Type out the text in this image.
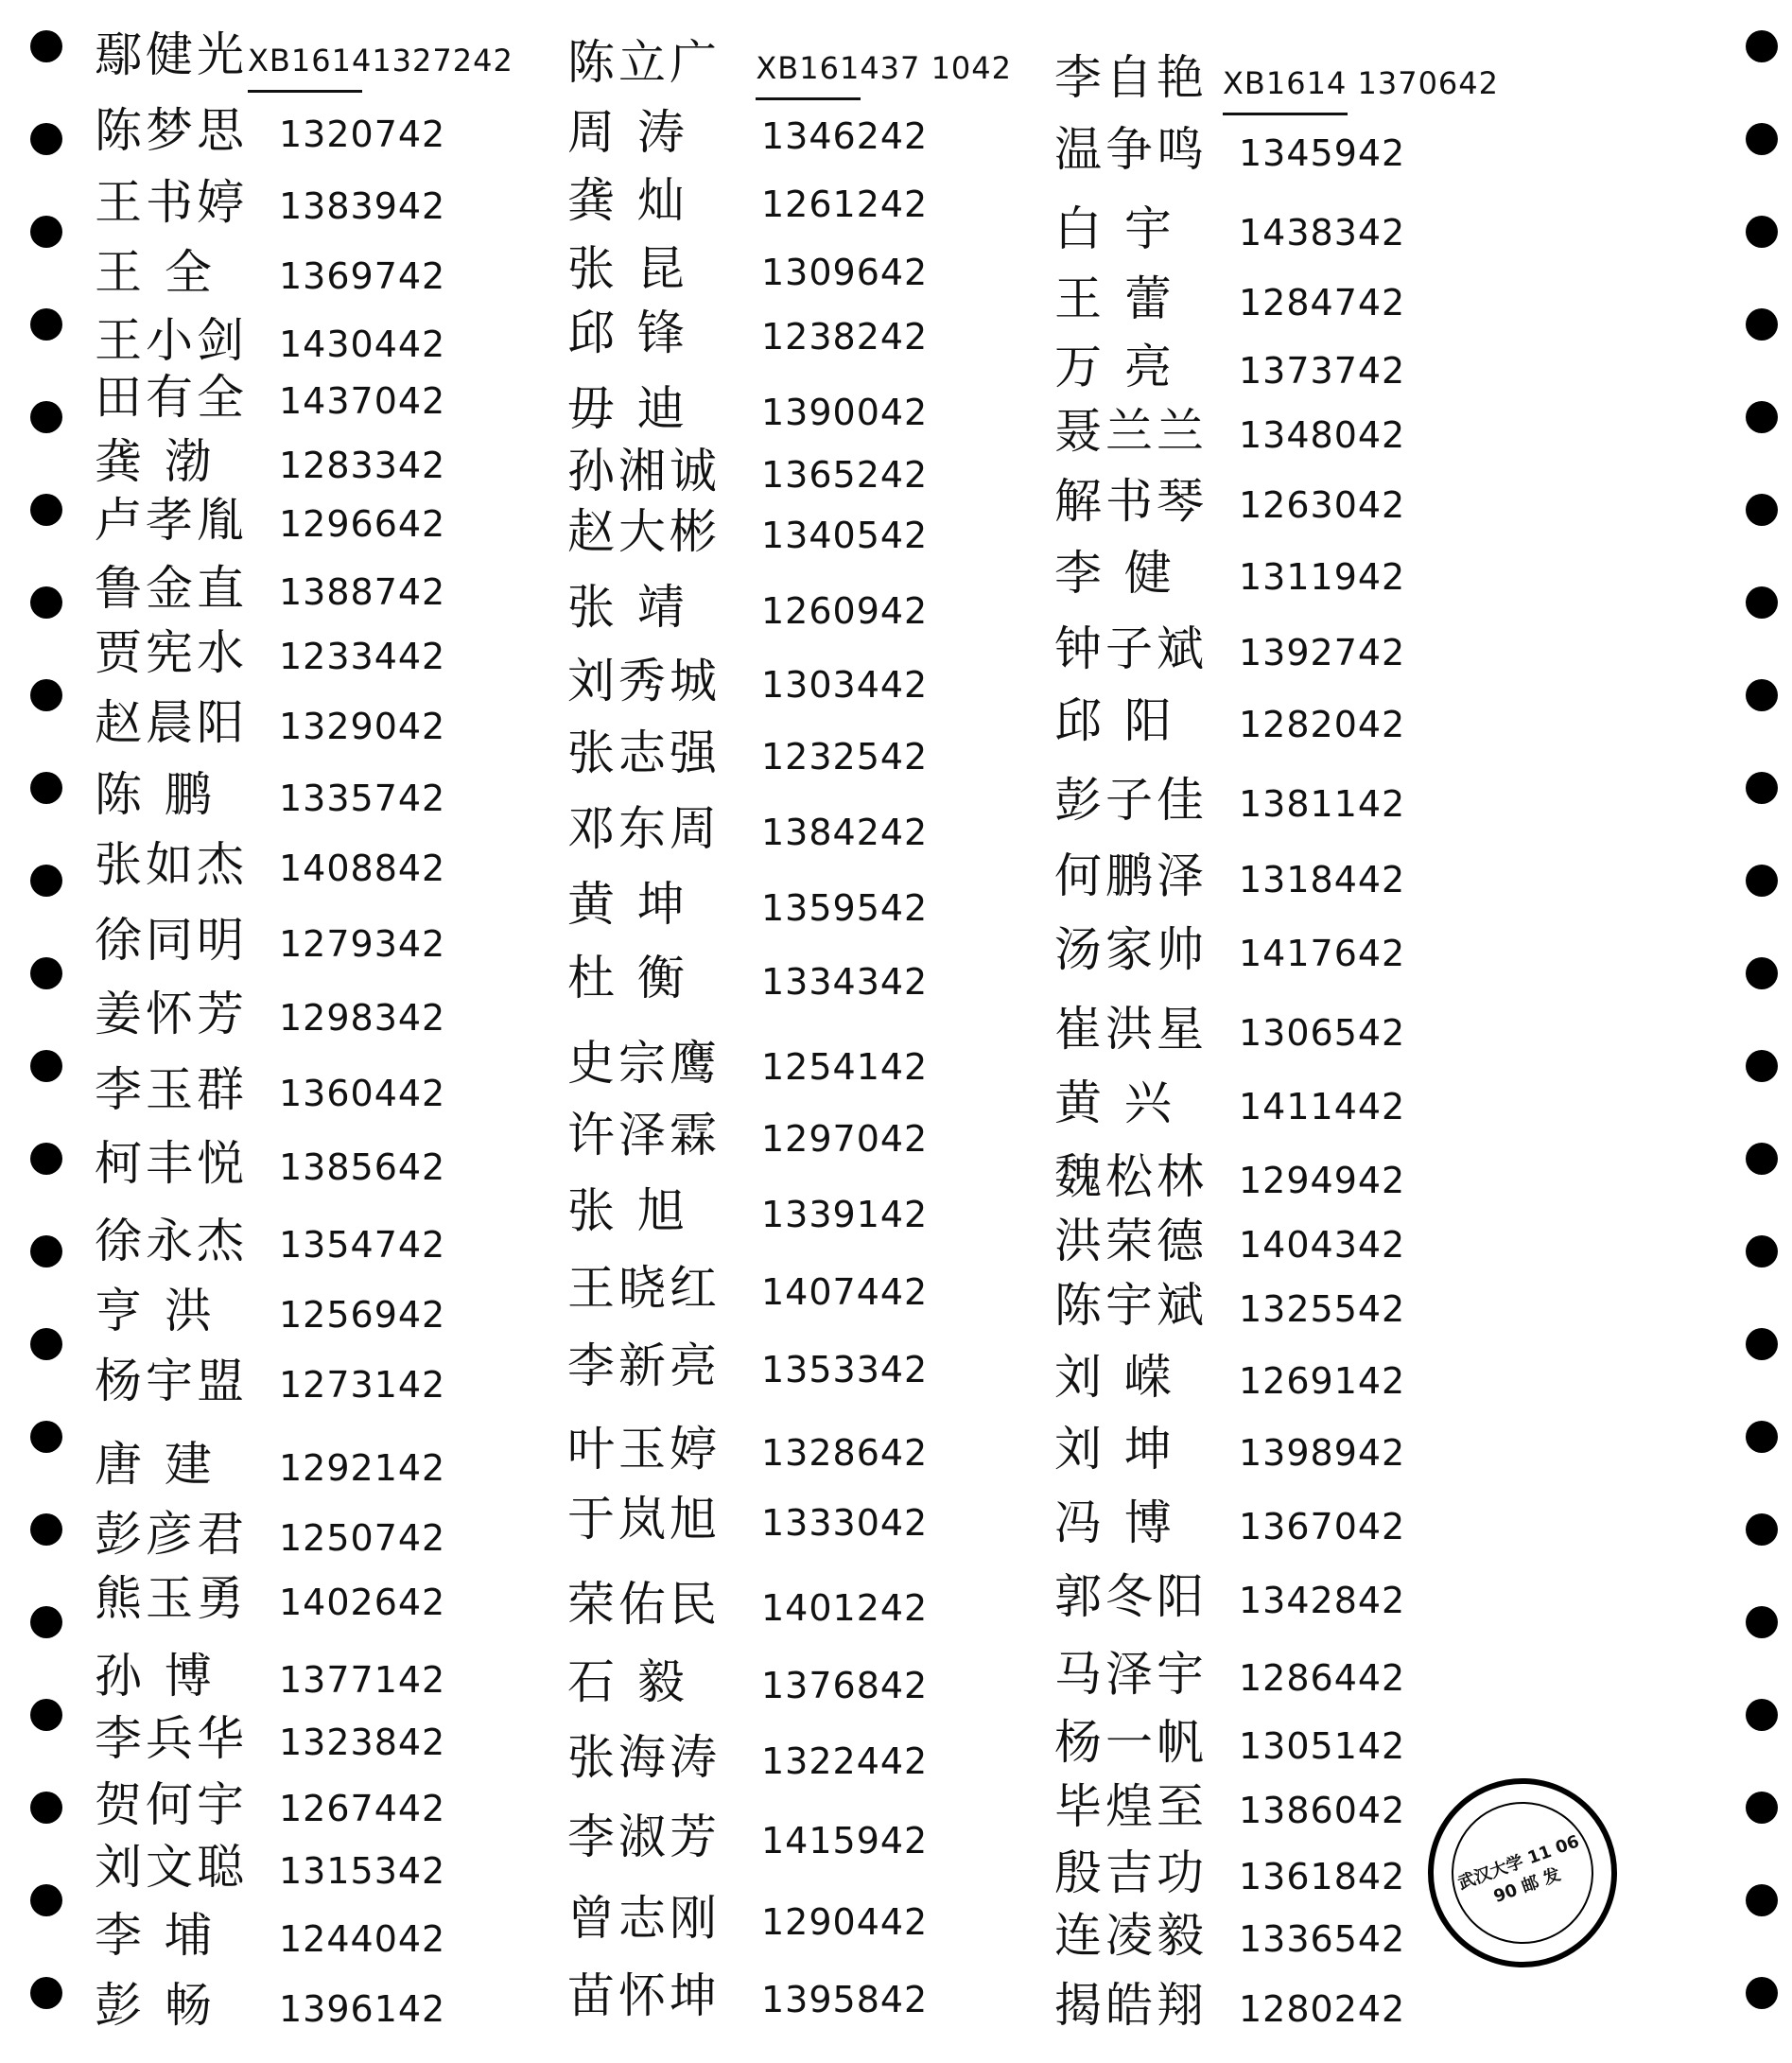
鄢健光 XB16141327242
陈梦思 1320742
王书婷 1383942
王 全	1369742
王小剑 1430442
田有全 1437042
龚 渤	1283342
卢孝胤 1296642
鲁金直 1388742
贾宪水 1233442
赵晨阳 1329042
陈 鹏	1335742
张如杰 1408842
徐同明 1279342
姜怀芳 1298342
李玉群 1360442
柯丰悦 1385642
徐永杰 1354742
亨 洪	1256942
杨宇盟 1273142
唐 建	1292142
彭彦君 1250742
熊玉勇 1402642
孙 博	1377142
李兵华 1323842
贺何宇 1267442
刘文聪 1315342
李 埔	1244042
彭 畅	1396142
陈立广	XB161437 1042
周 涛	1346242
龚 灿	1261242
张 昆	1309642
邱 锋	1238242
毋 迪	1390042
孙湘诚	1365242
赵大彬	1340542
张 靖	1260942
刘秀城	1303442
张志强	1232542
邓东周	1384242
黄 坤	1359542
杜 衡	1334342
史宗鹰	1254142
许泽霖	1297042
张 旭	1339142
王晓红	1407442
李新亮	1353342
叶玉婷	1328642
于岚旭	1333042
荣佑民	1401242
石 毅	1376842
张海涛	1322442
李淑芳	1415942
曾志刚	1290442
苗怀坤	1395842
李自艳 XB1614 1370642
温争鸣 1345942
白 宇	1438342
王 蕾	1284742
万 亮	1373742
聂兰兰 1348042
解书琴 1263042
李 健	1311942
钟子斌 1392742
邱 阳	1282042
彭子佳 1381142
何鹏泽 1318442
汤家帅 1417642
崔洪星 1306542
黄 兴	1411442
魏松林 1294942
洪荣德 1404342
陈宇斌 1325542
刘 嵘	1269142
刘 坤	1398942
冯 博	1367042
郭冬阳 1342842
马泽宇 1286442
杨一帆 1305142
毕煌至 1386042
殷吉功 1361842
连凌毅 1336542
揭皓翔 1280242
武汉大学 11 06 90 邮 发
